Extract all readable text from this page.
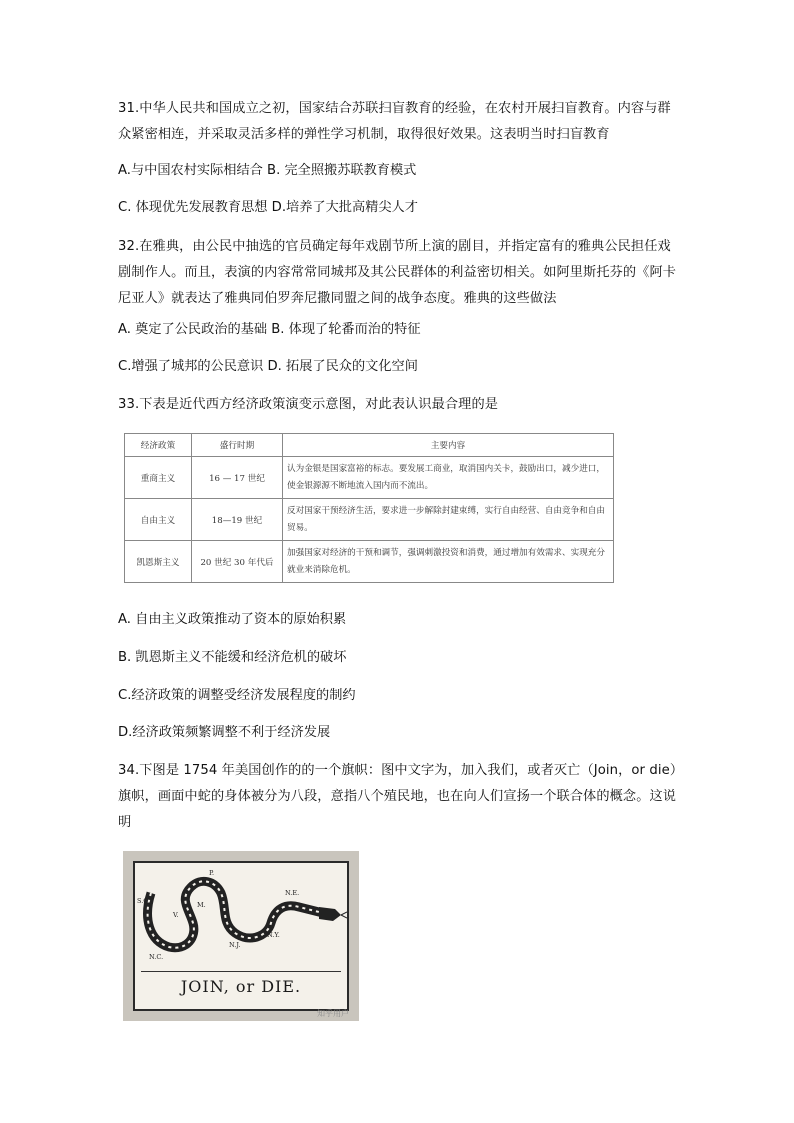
31.中华人民共和国成立之初，国家结合苏联扫盲教育的经验，在农村开展扫盲教育。内容与群众紧密相连，并采取灵活多样的弹性学习机制，取得很好效果。这表明当时扫盲教育
A.与中国农村实际相结合 B. 完全照搬苏联教育模式
C. 体现优先发展教育思想 D.培养了大批高精尖人才
32.在雅典，由公民中抽选的官员确定每年戏剧节所上演的剧目，并指定富有的雅典公民担任戏剧制作人。而且，表演的内容常常同城邦及其公民群体的利益密切相关。如阿里斯托芬的《阿卡尼亚人》就表达了雅典同伯罗奔尼撒同盟之间的战争态度。雅典的这些做法
A. 奠定了公民政治的基础 B. 体现了轮番而治的特征
C.增强了城邦的公民意识 D. 拓展了民众的文化空间
33.下表是近代西方经济政策演变示意图，对此表认识最合理的是
经济政策	盛行时期	主要内容
重商主义	16 — 17 世纪	认为金银是国家富裕的标志。要发展工商业，取消国内关卡，鼓励出口，减少进口，使金银源源不断地流入国内而不流出。
自由主义	18—19 世纪	反对国家干预经济生活，要求进一步解除封建束缚，实行自由经营、自由竞争和自由贸易。
凯恩斯主义	20 世纪 30 年代后	加强国家对经济的干预和调节，强调刺激投资和消费，通过增加有效需求、实现充分就业来消除危机。
A. 自由主义政策推动了资本的原始积累
B. 凯恩斯主义不能缓和经济危机的破坏
C.经济政策的调整受经济发展程度的制约
D.经济政策频繁调整不利于经济发展
34.下图是 1754 年美国创作的的一个旗帜：图中文字为，加入我们，或者灭亡（Join，or die）旗帜，画面中蛇的身体被分为八段，意指八个殖民地，也在向人们宣扬一个联合体的概念。这说明
S.C.
N.C.
V.
M.
P.
N.J.
N.Y.
N.E.
JOIN, or DIE.
知乎用户
